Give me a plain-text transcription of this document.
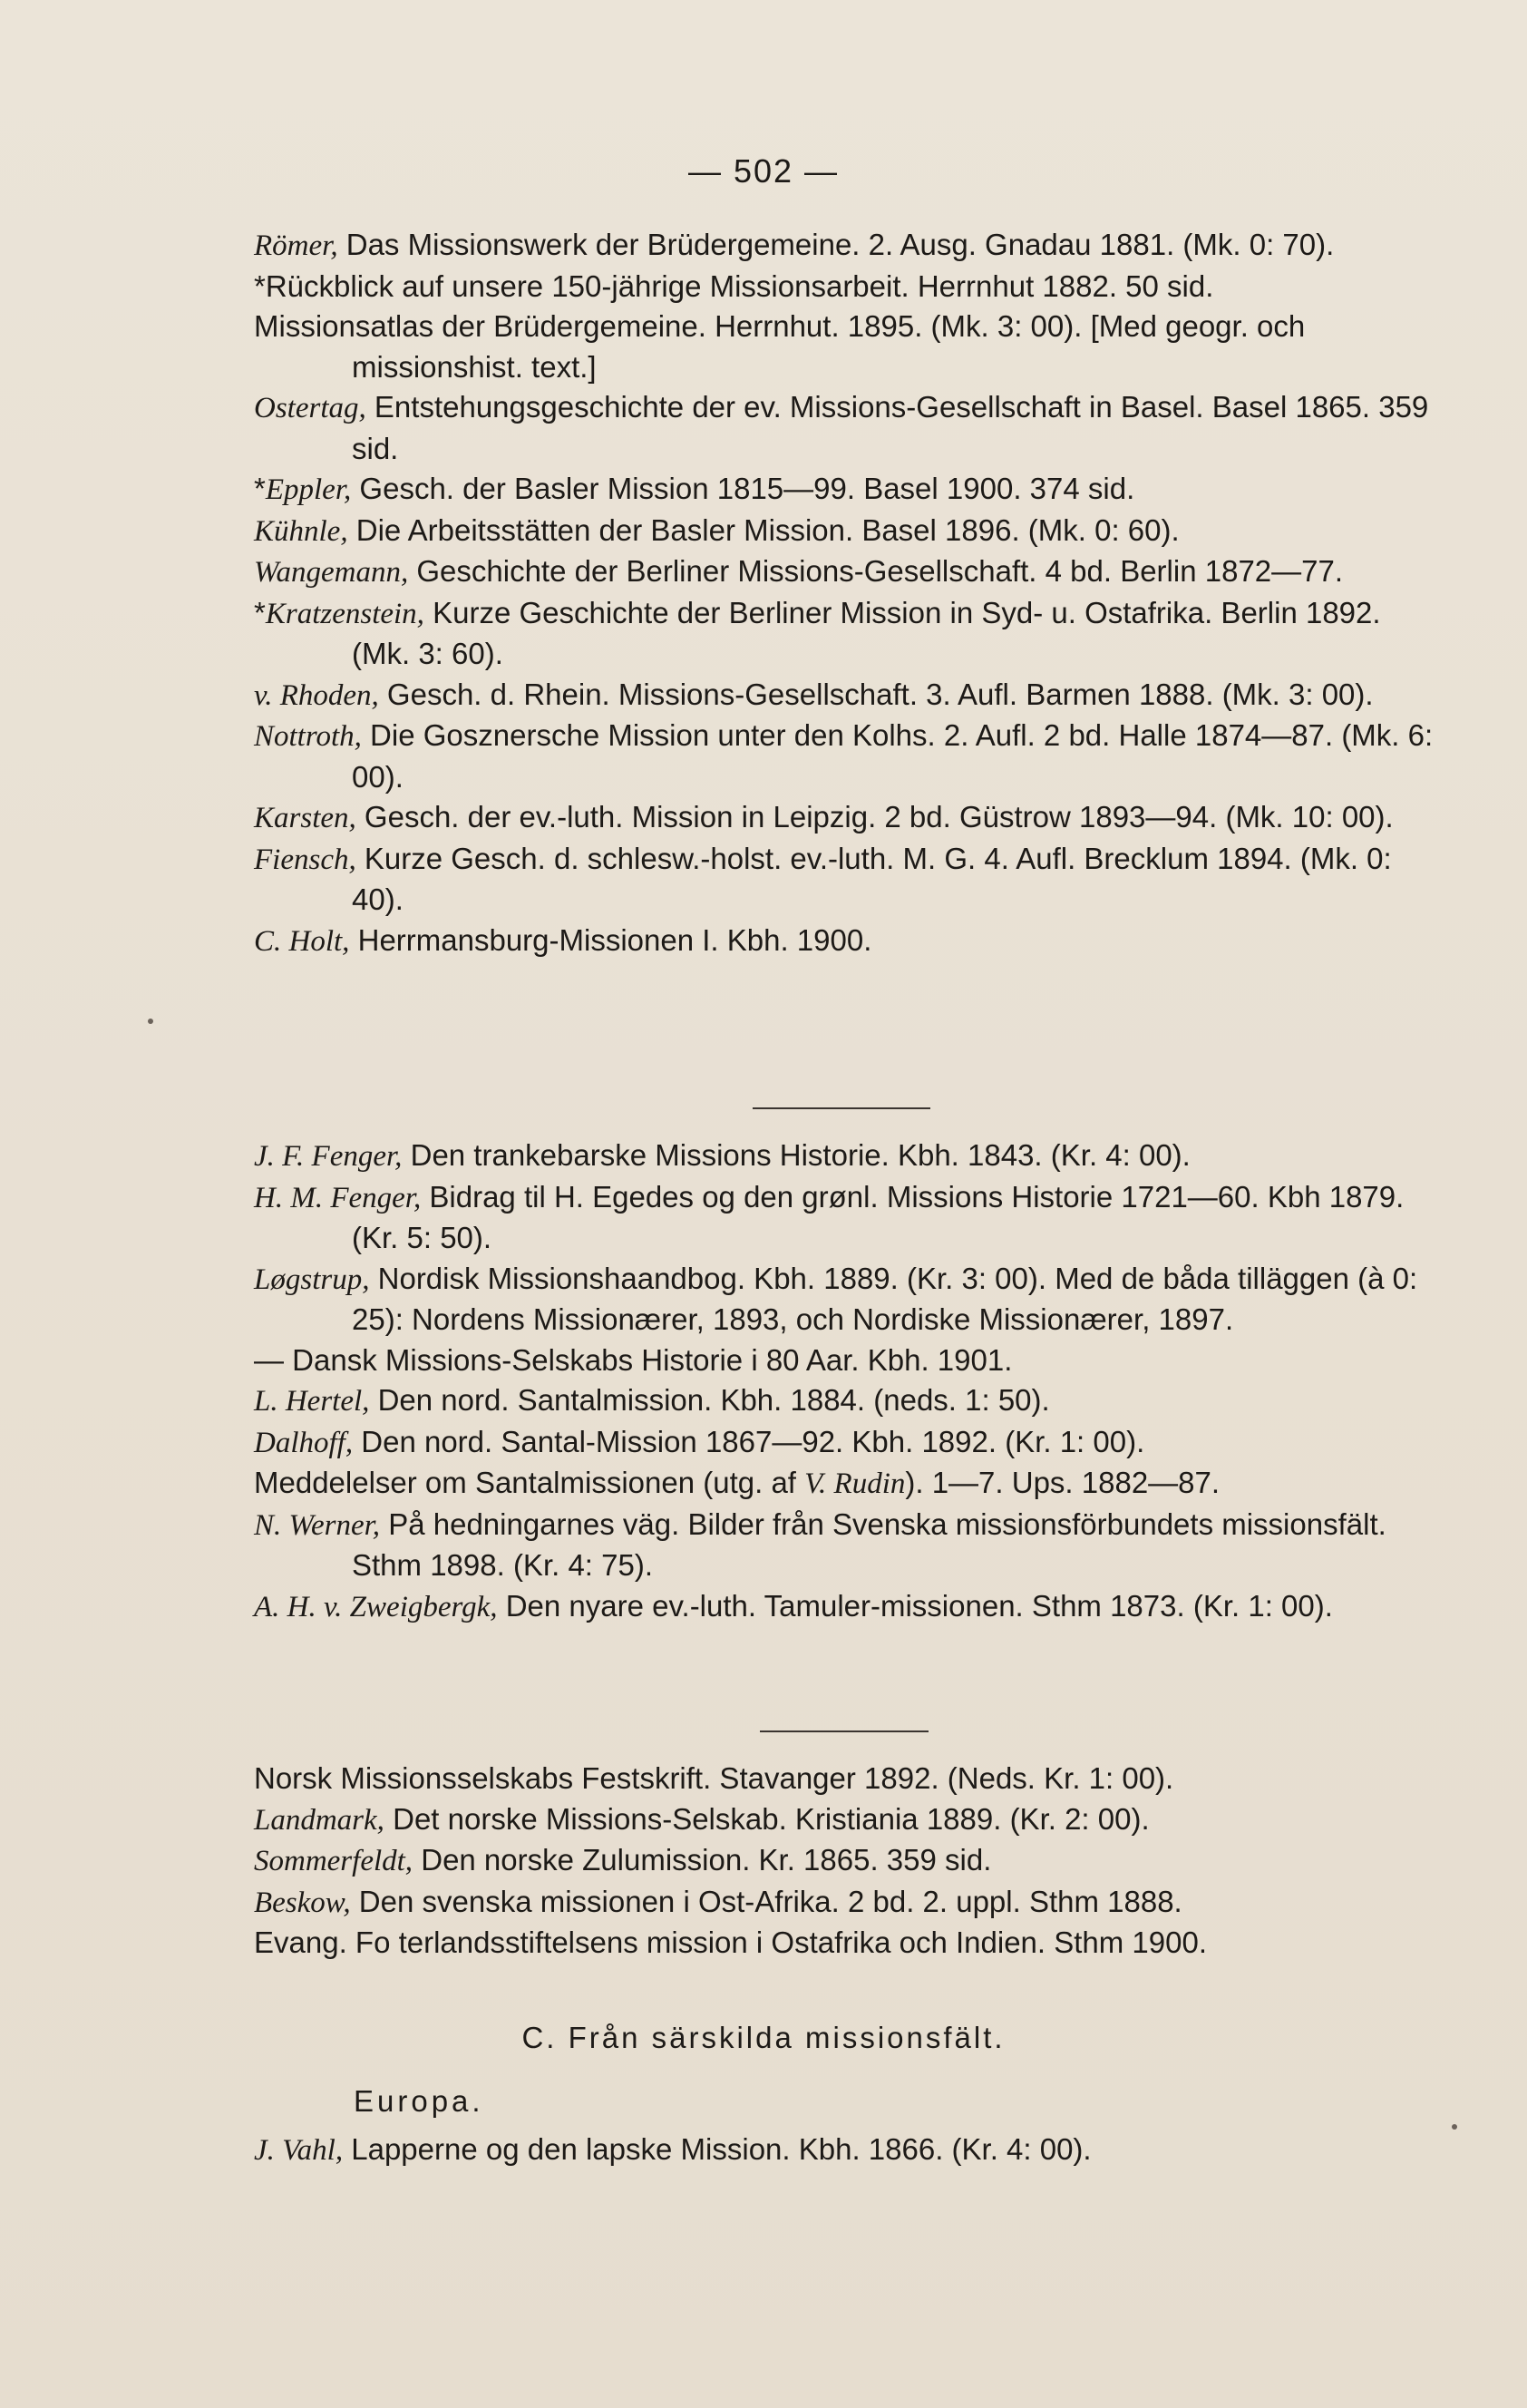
— 502 —

Römer, Das Missionswerk der Brüdergemeine. 2. Ausg. Gnadau 1881. (Mk. 0: 70).

*Rückblick auf unsere 150-jährige Missionsarbeit. Herrnhut 1882. 50 sid.

Missionsatlas der Brüdergemeine. Herrnhut. 1895. (Mk. 3: 00). [Med geogr. och missionshist. text.]

Ostertag, Entstehungsgeschichte der ev. Missions-Gesellschaft in Basel. Basel 1865. 359 sid.

*Eppler, Gesch. der Basler Mission 1815—99. Basel 1900. 374 sid.

Kühnle, Die Arbeitsstätten der Basler Mission. Basel 1896. (Mk. 0: 60).

Wangemann, Geschichte der Berliner Missions-Gesellschaft. 4 bd. Berlin 1872—77.

*Kratzenstein, Kurze Geschichte der Berliner Mission in Syd- u. Ostafrika. Berlin 1892. (Mk. 3: 60).

v. Rhoden, Gesch. d. Rhein. Missions-Gesellschaft. 3. Aufl. Barmen 1888. (Mk. 3: 00).

Nottroth, Die Gosznersche Mission unter den Kolhs. 2. Aufl. 2 bd. Halle 1874—87. (Mk. 6: 00).

Karsten, Gesch. der ev.-luth. Mission in Leipzig. 2 bd. Güstrow 1893—94. (Mk. 10: 00).

Fiensch, Kurze Gesch. d. schlesw.-holst. ev.-luth. M. G. 4. Aufl. Brecklum 1894. (Mk. 0: 40).

C. Holt, Herrmansburg-Missionen I. Kbh. 1900.

J. F. Fenger, Den trankebarske Missions Historie. Kbh. 1843. (Kr. 4: 00).

H. M. Fenger, Bidrag til H. Egedes og den grønl. Missions Historie 1721—60. Kbh 1879. (Kr. 5: 50).

Løgstrup, Nordisk Missionshaandbog. Kbh. 1889. (Kr. 3: 00). Med de båda tilläggen (à 0: 25): Nordens Missionærer, 1893, och Nordiske Missionærer, 1897.

— Dansk Missions-Selskabs Historie i 80 Aar. Kbh. 1901.

L. Hertel, Den nord. Santalmission. Kbh. 1884. (neds. 1: 50).

Dalhoff, Den nord. Santal-Mission 1867—92. Kbh. 1892. (Kr. 1: 00).

Meddelelser om Santalmissionen (utg. af V. Rudin). 1—7. Ups. 1882—87.

N. Werner, På hedningarnes väg. Bilder från Svenska missionsförbundets missionsfält. Sthm 1898. (Kr. 4: 75).

A. H. v. Zweigbergk, Den nyare ev.-luth. Tamuler-missionen. Sthm 1873. (Kr. 1: 00).

Norsk Missionsselskabs Festskrift. Stavanger 1892. (Neds. Kr. 1: 00).

Landmark, Det norske Missions-Selskab. Kristiania 1889. (Kr. 2: 00).

Sommerfeldt, Den norske Zulumission. Kr. 1865. 359 sid.

Beskow, Den svenska missionen i Ost-Afrika. 2 bd. 2. uppl. Sthm 1888.

Evang. Fo terlandsstiftelsens mission i Ostafrika och Indien. Sthm 1900.

C. Från särskilda missionsfält.
Europa.

J. Vahl, Lapperne og den lapske Mission. Kbh. 1866. (Kr. 4: 00).
